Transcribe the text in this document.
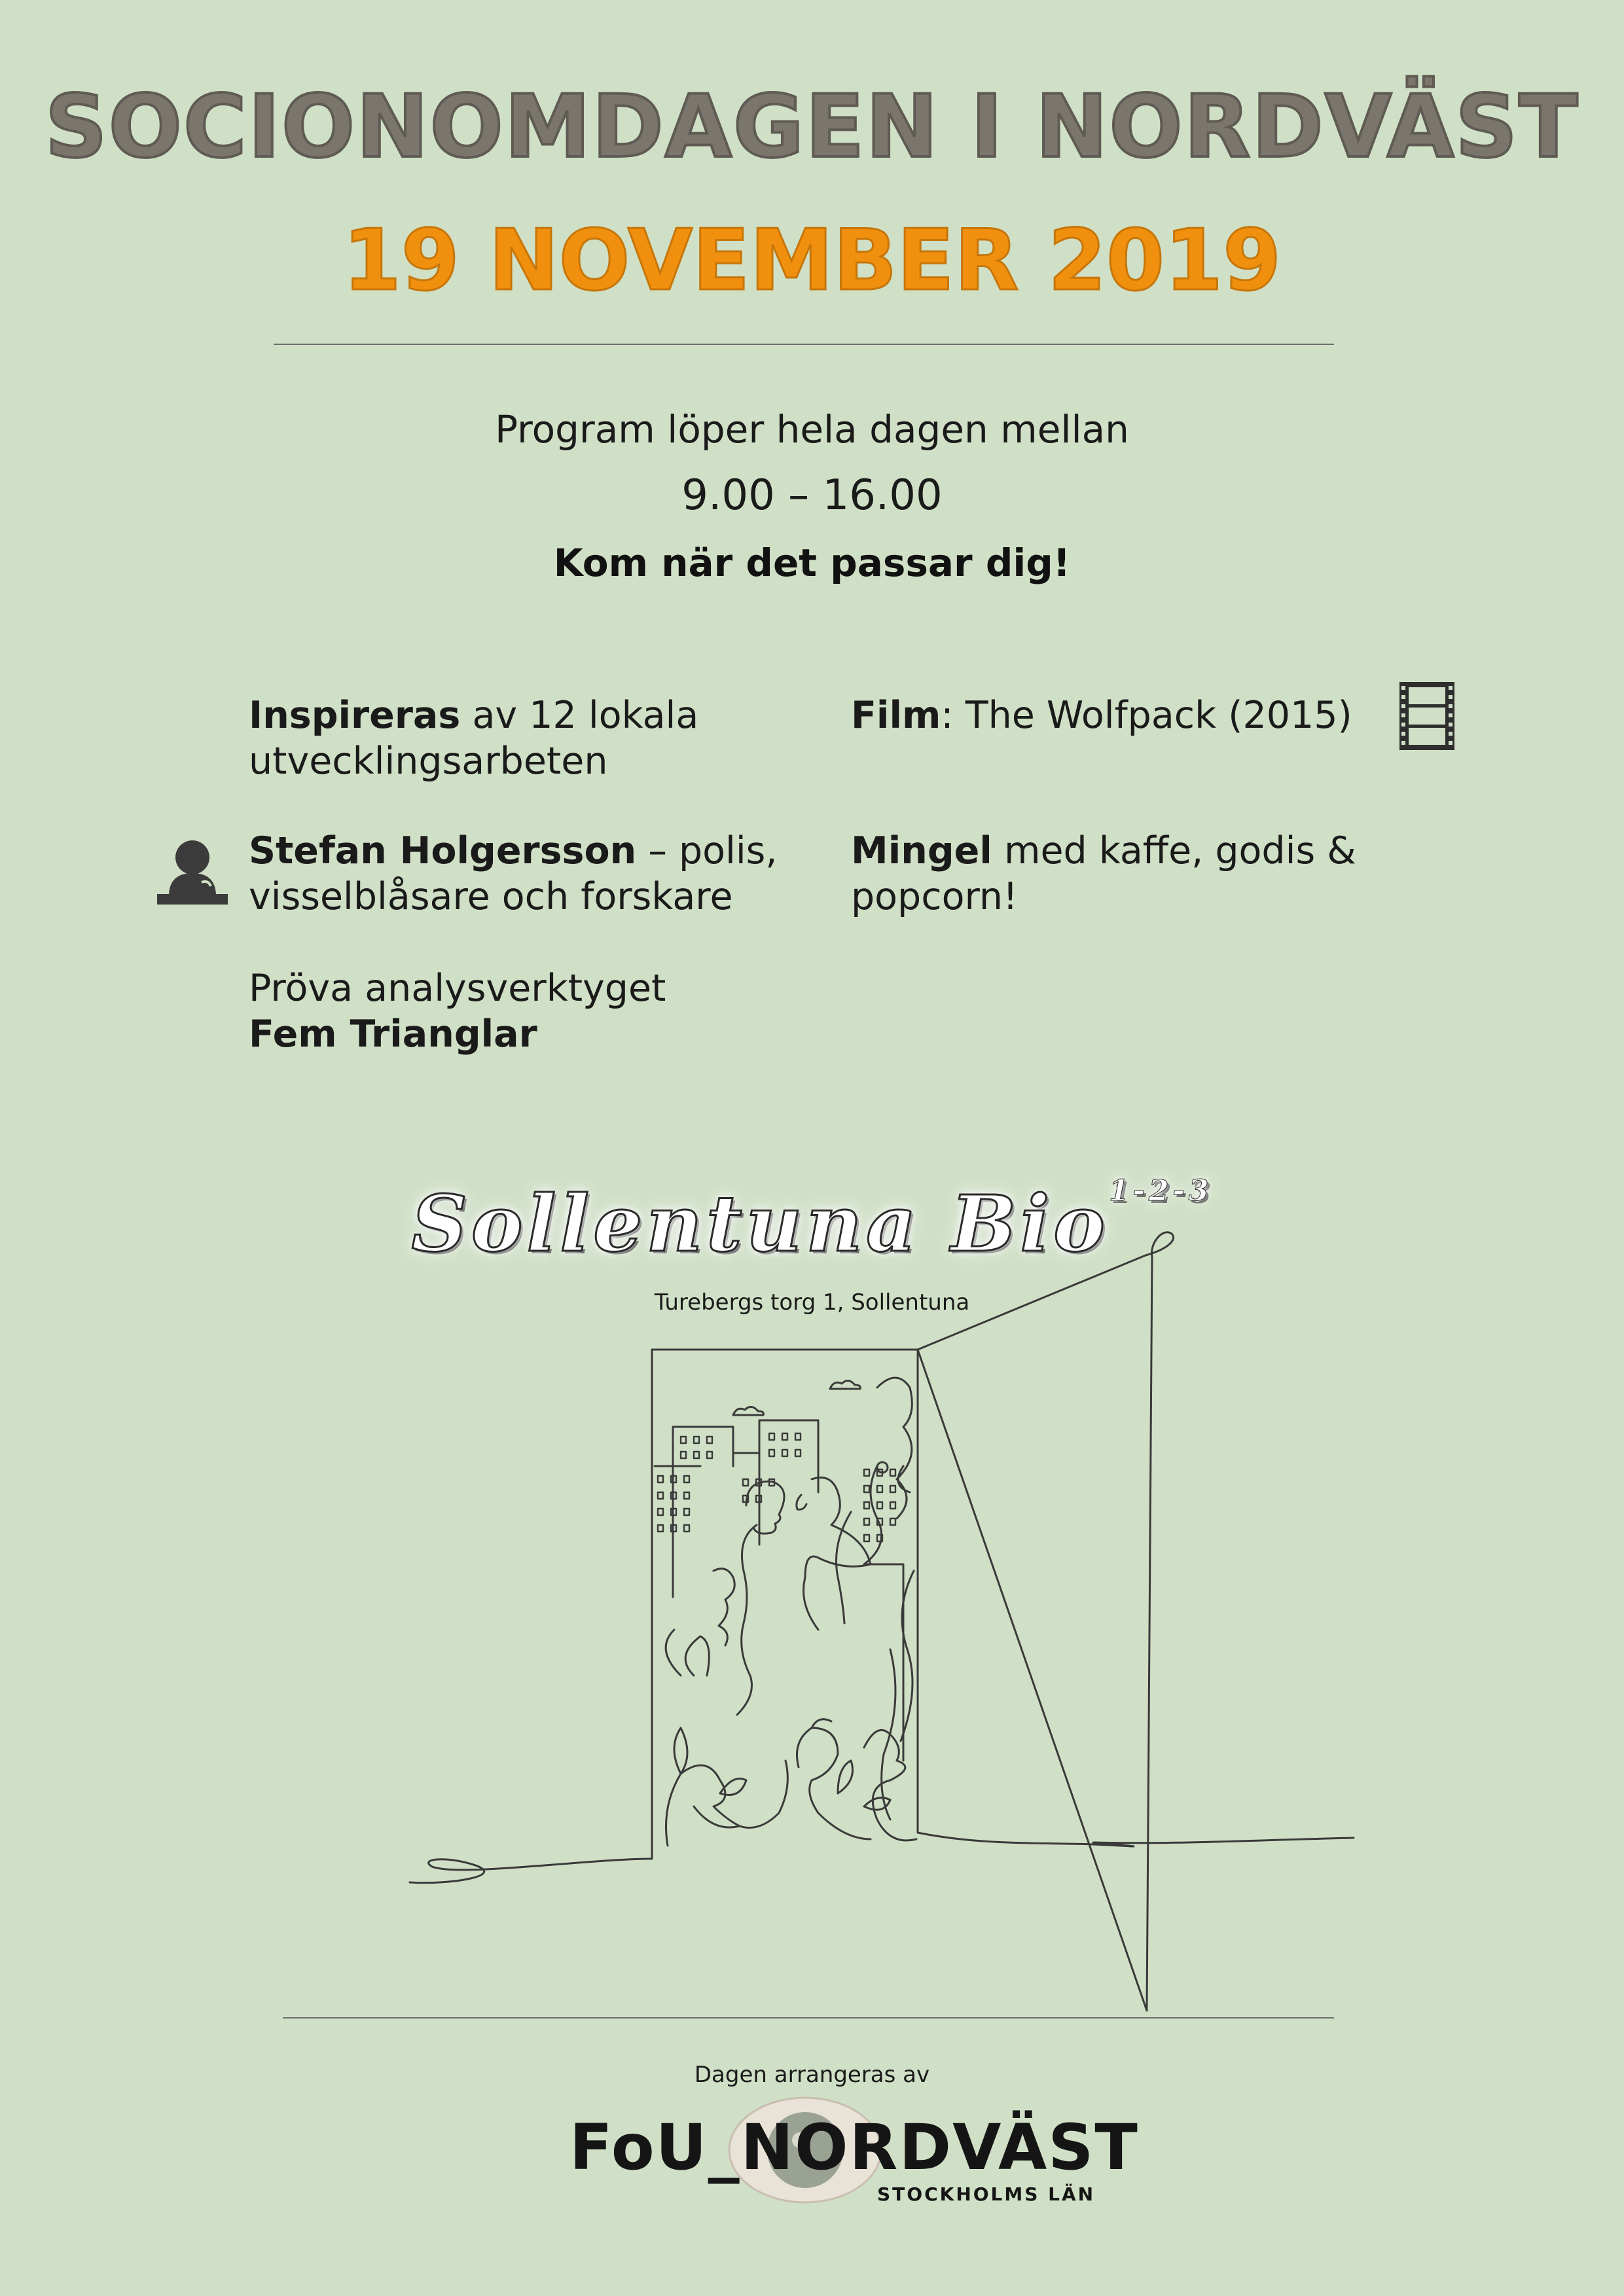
SOCIONOMDAGEN I NORDVÄST
19 NOVEMBER 2019
Program löper hela dagen mellan
9.00 – 16.00
Kom när det passar dig!
Inspireras av 12 lokala
utvecklingsarbeten
Stefan Holgersson – polis,
visselblåsare och forskare
Pröva analysverktyget
Fem Trianglar
Film: The Wolfpack (2015)
Mingel med kaffe, godis &
popcorn!
Sollentuna Bio$^{1-2-3}$
Turebergs torg 1, Sollentuna
Dagen arrangeras av
FoU_NORDVÄST
STOCKHOLMS LÄN
